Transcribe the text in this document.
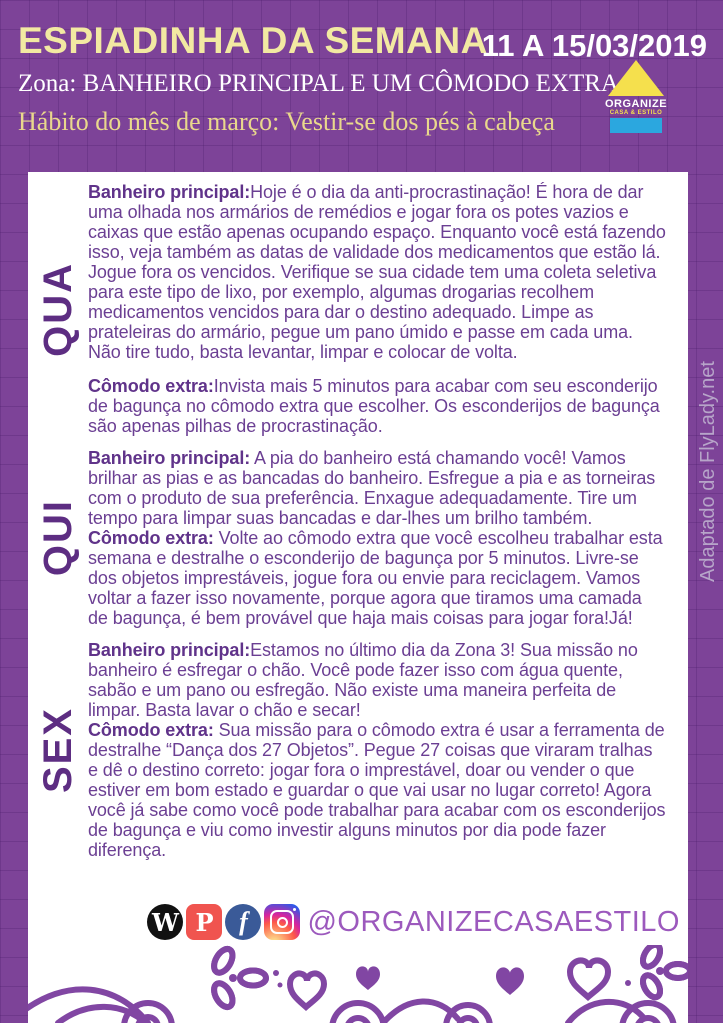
ESPIADINHA DA SEMANA
11 A 15/03/2019
Zona: BANHEIRO PRINCIPAL E UM CÔMODO EXTRA
Hábito do mês de março: Vestir-se dos pés à cabeça
ORGANIZE
CASA & ESTILO
Adaptado de FlyLady.net
QUA

Banheiro principal:Hoje é o dia da anti-procrastinação! É hora de dar uma olhada nos armários de remédios e jogar fora os potes vazios e caixas que estão apenas ocupando espaço. Enquanto você está fazendo isso, veja também as datas de validade dos medicamentos que estão lá. Jogue fora os vencidos. Verifique se sua cidade tem uma coleta seletiva para este tipo de lixo, por exemplo, algumas drogarias recolhem medicamentos vencidos para dar o destino adequado. Limpe as prateleiras do armário, pegue um pano úmido e passe em cada uma. Não tire tudo, basta levantar, limpar e colocar de volta.

Cômodo extra:Invista mais 5 minutos para acabar com seu esconderijo de bagunça no cômodo extra que escolher. Os esconderijos de bagunça são apenas pilhas de procrastinação.

QUI

Banheiro principal: A pia do banheiro está chamando você! Vamos brilhar as pias e as bancadas do banheiro. Esfregue a pia e as torneiras com o produto de sua preferência. Enxague adequadamente. Tire um tempo para limpar suas bancadas e dar-lhes um brilho também.

Cômodo extra: Volte ao cômodo extra que você escolheu trabalhar esta semana e destralhe o esconderijo de bagunça por 5 minutos. Livre-se dos objetos imprestáveis, jogue fora ou envie para reciclagem. Vamos voltar a fazer isso novamente, porque agora que tiramos uma camada de bagunça, é bem provável que haja mais coisas para jogar fora!Já!

SEX

Banheiro principal:Estamos no último dia da Zona 3! Sua missão no banheiro é esfregar o chão. Você pode fazer isso com água quente, sabão e um pano ou esfregão. Não existe uma maneira perfeita de limpar. Basta lavar o chão e secar!

Cômodo extra: Sua missão para o cômodo extra é usar a ferramenta de destralhe “Dança dos 27 Objetos”. Pegue 27 coisas que viraram tralhas e dê o destino correto: jogar fora o imprestável, doar ou vender o que estiver em bom estado e guardar o que vai usar no lugar correto! Agora você já sabe como você pode trabalhar para acabar com os esconderijos de bagunça e viu como investir alguns minutos por dia pode fazer diferença.

W P f @ORGANIZECASAESTILO
